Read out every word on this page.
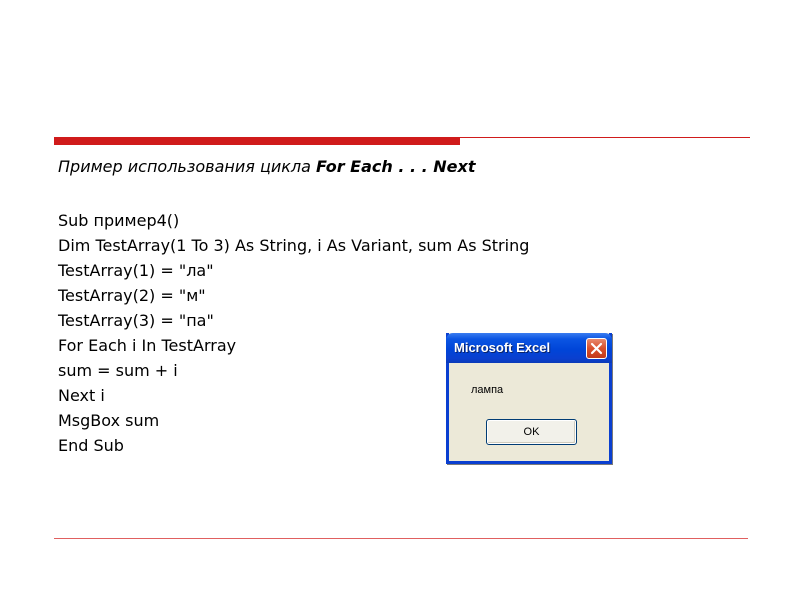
Пример использования цикла For Each . . . Next
Sub пример4()
Dim TestArray(1 To 3) As String, i As Variant, sum As String
TestArray(1) = "ла"
TestArray(2) = "м"
TestArray(3) = "па"
For Each i In TestArray
sum = sum + i
Next i
MsgBox sum
End Sub
Microsoft Excel
лампа
OK
